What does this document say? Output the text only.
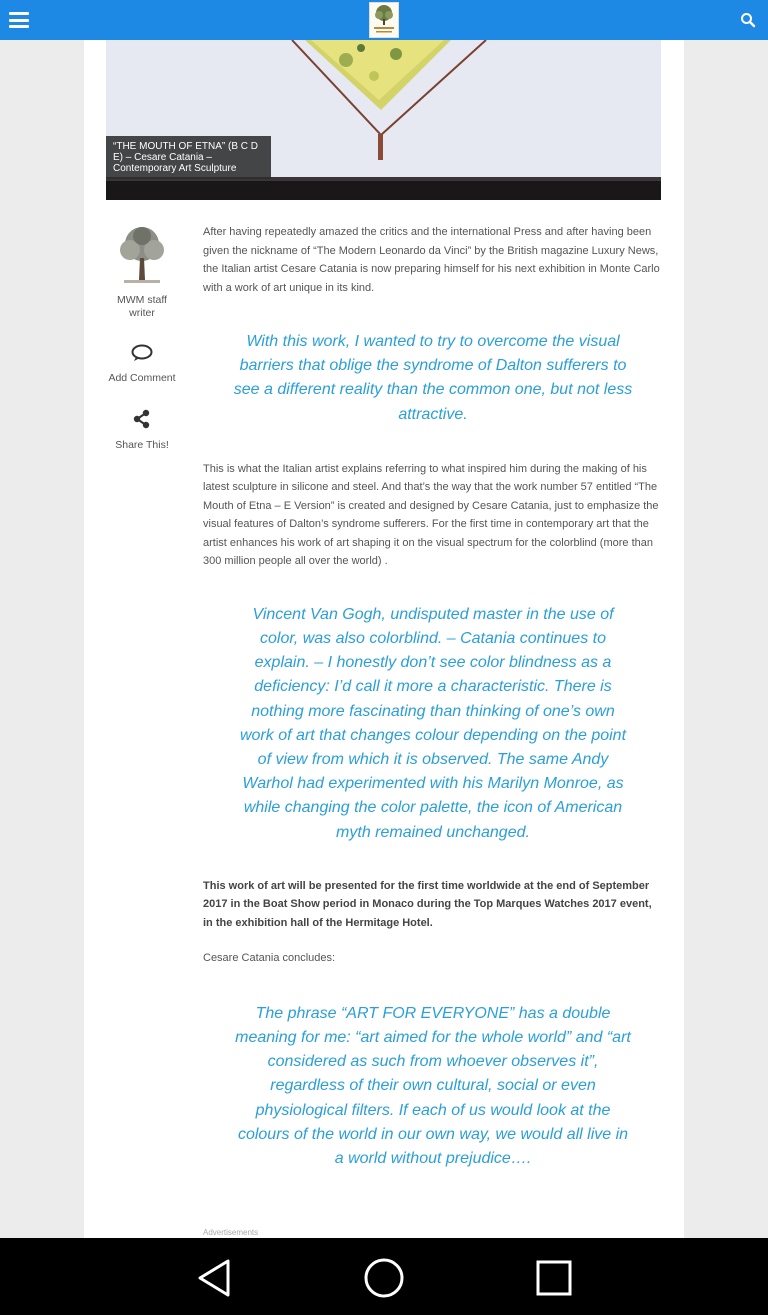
“THE MOUTH OF ETNA” (B C D E) – Cesare Catania – Contemporary Art Sculpture
MWM staff writer
Add Comment
Share This!

After having repeatedly amazed the critics and the international Press and after having been given the nickname of “The Modern Leonardo da Vinci” by the British magazine Luxury News, the Italian artist Cesare Catania is now preparing himself for his next exhibition in Monte Carlo with a work of art unique in its kind.

With this work, I wanted to try to overcome the visual barriers that oblige the syndrome of Dalton sufferers to see a different reality than the common one, but not less attractive.

This is what the Italian artist explains referring to what inspired him during the making of his latest sculpture in silicone and steel. And that’s the way that the work number 57 entitled “The Mouth of Etna – E Version” is created and designed by Cesare Catania, just to emphasize the visual features of Dalton’s syndrome sufferers. For the first time in contemporary art that the artist enhances his work of art shaping it on the visual spectrum for the colorblind (more than 300 million people all over the world) .

Vincent Van Gogh, undisputed master in the use of color, was also colorblind. – Catania continues to explain. – I honestly don’t see color blindness as a deficiency: I’d call it more a characteristic. There is nothing more fascinating than thinking of one’s own work of art that changes colour depending on the point of view from which it is observed. The same Andy Warhol had experimented with his Marilyn Monroe, as while changing the color palette, the icon of American myth remained unchanged.

This work of art will be presented for the first time worldwide at the end of September 2017 in the Boat Show period in Monaco during the Top Marques Watches 2017 event, in the exhibition hall of the Hermitage Hotel.

Cesare Catania concludes:

The phrase “ART FOR EVERYONE” has a double meaning for me: “art aimed for the whole world” and “art considered as such from whoever observes it”, regardless of their own cultural, social or even physiological filters. If each of us would look at the colours of the world in our own way, we would all live in a world without prejudice….
Advertisements
